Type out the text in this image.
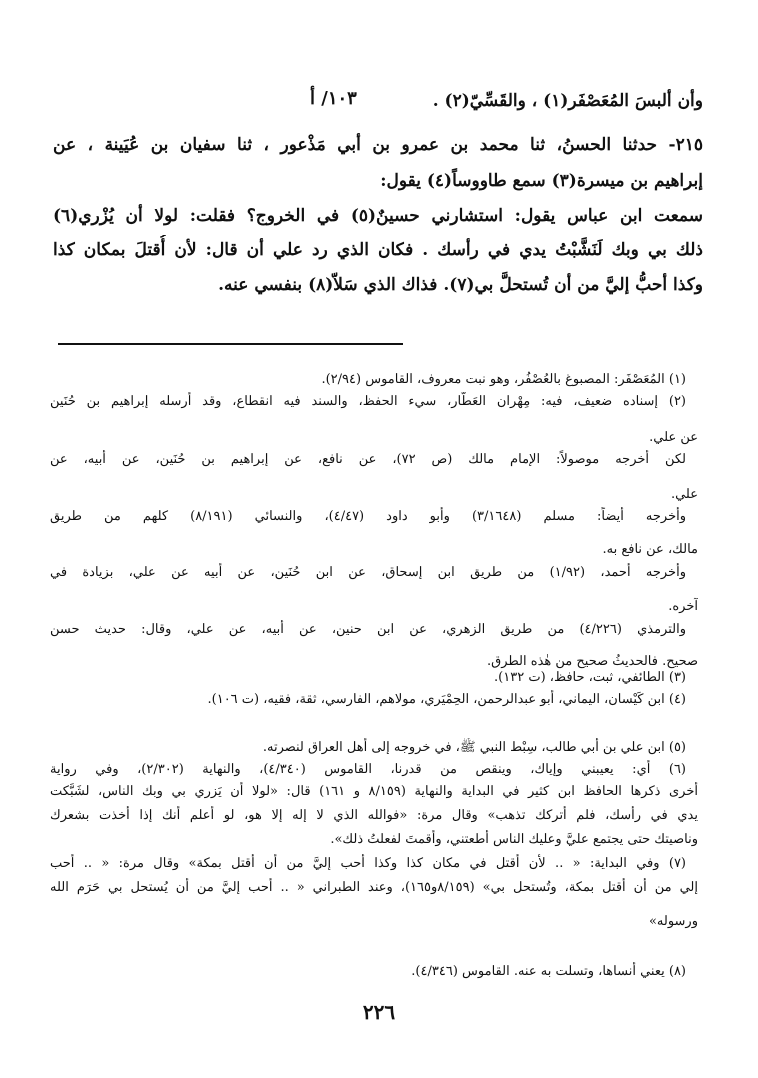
وأن ألبسَ المُعَصْفَر(١) ، والقَسِّيّ(٢) .
١٠٣/ أ
٢١٥- حدثنا الحسنُ، ثنا محمد بن عمرو بن أبي مَذْعور ، ثنا سفيان بن عُيَينة ، عن
إبراهيم بن ميسرة(٣) سمع طاووساً(٤) يقول:
سمعت ابن عباس يقول: استشارني حسينٌ(٥) في الخروج؟ فقلت: لولا أن يُزْري(٦)
ذلك بي وبك لَنَشَّبْتُ يدي في رأسك . فكان الذي رد علي أن قال: لأن أُقتلَ بمكان كذا
وكذا أحبُّ إليَّ من أن تُستحلَّ بي(٧). فذاك الذي سَلاّ(٨) بنفسي عنه.
(١) المُعَصْفَر: المصبوغ بالعُصْفُر، وهو نبت معروف، القاموس (٢/٩٤).
(٢) إسناده ضعيف، فيه: مِهْران العَطَّار، سيء الحفظ، والسند فيه انقطاع، وقد أرسله إبراهيم بن حُنَين
عن علي.
لكن أخرجه موصولاً: الإمام مالك (ص ٧٢)، عن نافع، عن إبراهيم بن حُنَين، عن أبيه، عن
علي.
وأخرجه أيضاً: مسلم (٣/١٦٤٨) وأبو داود (٤/٤٧)، والنسائي (٨/١٩١) كلهم من طريق
مالك، عن نافع به.
وأخرجه أحمد، (١/٩٢) من طريق ابن إسحاق، عن ابن حُنَين، عن أبيه عن علي، بزيادة في
آخره.
والترمذي (٤/٢٢٦) من طريق الزهري، عن ابن حنين، عن أبيه، عن علي، وقال: حديث حسن
صحيح. فالحديثُ صحيح من هٰذه الطرق.
(٣) الطائفي، ثبت، حافظ، (ت ١٣٢).
(٤) ابن كَيْسان، اليماني، أبو عبدالرحمن، الحِمْيَري، مولاهم، الفارسي، ثقة، فقيه، (ت ١٠٦).
(٥) ابن علي بن أبي طالب، سِبْط النبي ﷺ، في خروجه إلى أهل العراق لنصرته.
(٦) أي: يعيبني وإياك، وينقص من قدرنا، القاموس (٤/٣٤٠)، والنهاية (٢/٣٠٢)، وفي رواية
أخرى ذكرها الحافظ ابن كثير في البداية والنهاية (٨/١٥٩ و ١٦١) قال: «لولا أن يَزري بي وبك الناس، لشَبَّكت
يدي في رأسك، فلم أتركك تذهب» وقال مرة: «فوالله الذي لا إله إلا هو، لو أعلم أنك إذا أخذت بشعرك
وناصيتك حتى يجتمع عليَّ وعليك الناس أطعتني، وأقمتَ لفعلتُ ذلك».
(٧) وفي البداية: « .. لأن أقتل في مكان كذا وكذا أحب إليَّ من أن أُقتل بمكة» وقال مرة: « .. أحب
إلي من أن أقتل بمكة، وتُستحل بي» (٨/١٥٩و١٦٥)، وعند الطبراني « .. أحب إليَّ من أن يُستحل بي حَرَم الله
ورسوله»
(٨) يعني أنساها، وتسلت به عنه. القاموس (٤/٣٤٦).
٢٢٦
